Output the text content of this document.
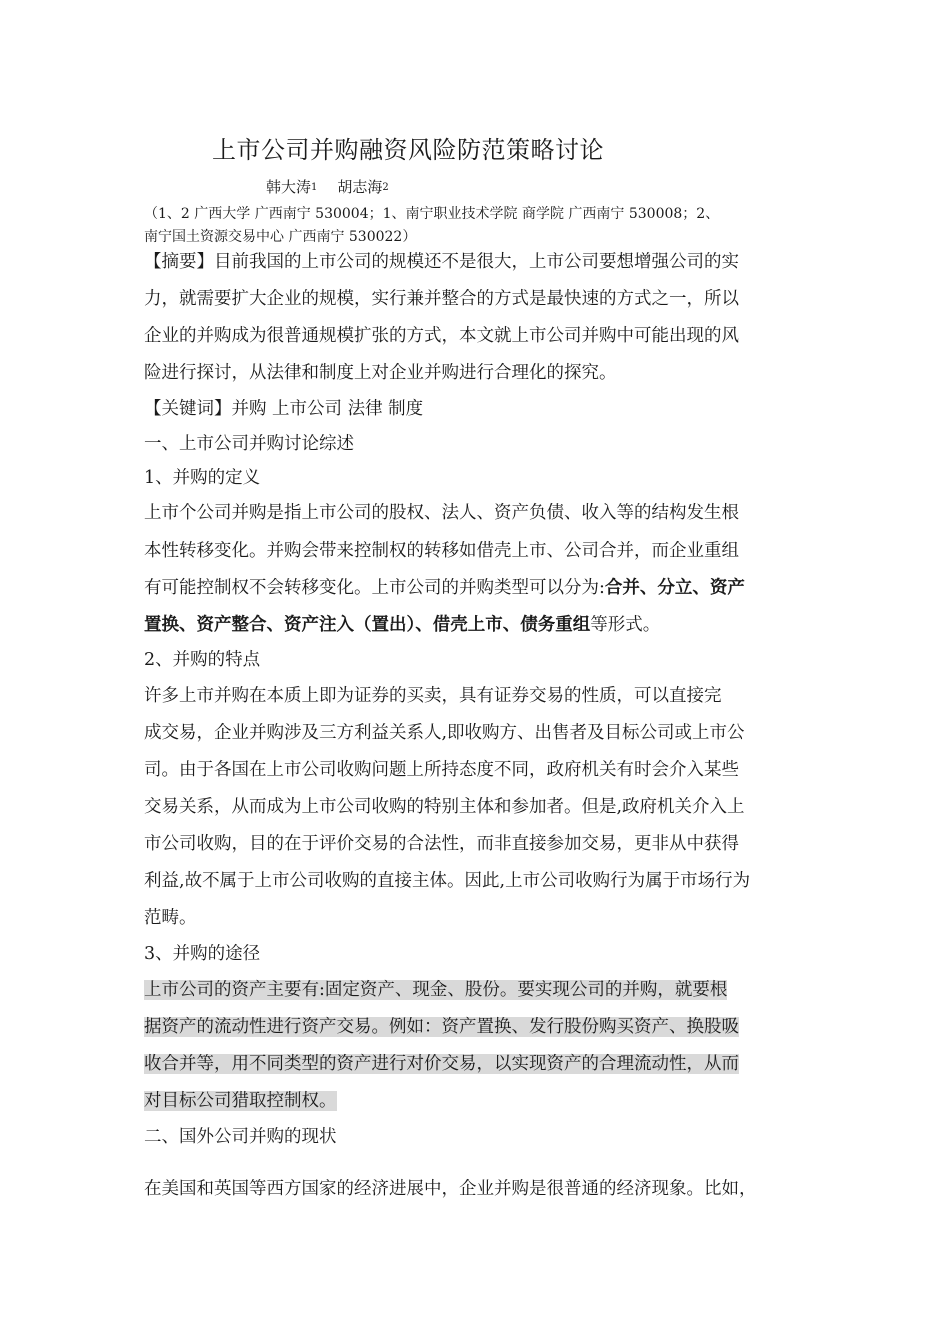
上市公司并购融资风险防范策略讨论
韩大涛$^1$ 胡志海$^2$
（1、2 广西大学 广西南宁 530004；1、南宁职业技术学院 商学院 广西南宁 530008；2、
南宁国土资源交易中心 广西南宁 530022）
【摘要】目前我国的上市公司的规模还不是很大，上市公司要想增强公司的实
力，就需要扩大企业的规模，实行兼并整合的方式是最快速的方式之一，所以
企业的并购成为很普通规模扩张的方式，本文就上市公司并购中可能出现的风
险进行探讨，从法律和制度上对企业并购进行合理化的探究。
【关键词】并购 上市公司 法律 制度
一、上市公司并购讨论综述
1、并购的定义
上市个公司并购是指上市公司的股权、法人、资产负债、收入等的结构发生根
本性转移变化。并购会带来控制权的转移如借壳上市、公司合并，而企业重组
有可能控制权不会转移变化。上市公司的并购类型可以分为:合并、分立、资产
置换、资产整合、资产注入（置出）、借壳上市、债务重组等形式。
2、并购的特点
许多上市并购在本质上即为证券的买卖，具有证券交易的性质，可以直接完
成交易，企业并购涉及三方利益关系人,即收购方、出售者及目标公司或上市公
司。由于各国在上市公司收购问题上所持态度不同，政府机关有时会介入某些
交易关系，从而成为上市公司收购的特别主体和参加者。但是,政府机关介入上
市公司收购，目的在于评价交易的合法性，而非直接参加交易，更非从中获得
利益,故不属于上市公司收购的直接主体。因此,上市公司收购行为属于市场行为
范畴。
3、并购的途径
上市公司的资产主要有:固定资产、现金、股份。要实现公司的并购，就要根
据资产的流动性进行资产交易。例如：资产置换、发行股份购买资产、换股吸
收合并等，用不同类型的资产进行对价交易，以实现资产的合理流动性，从而
对目标公司猎取控制权。
二、国外公司并购的现状
在美国和英国等西方国家的经济进展中，企业并购是很普通的经济现象。比如，
